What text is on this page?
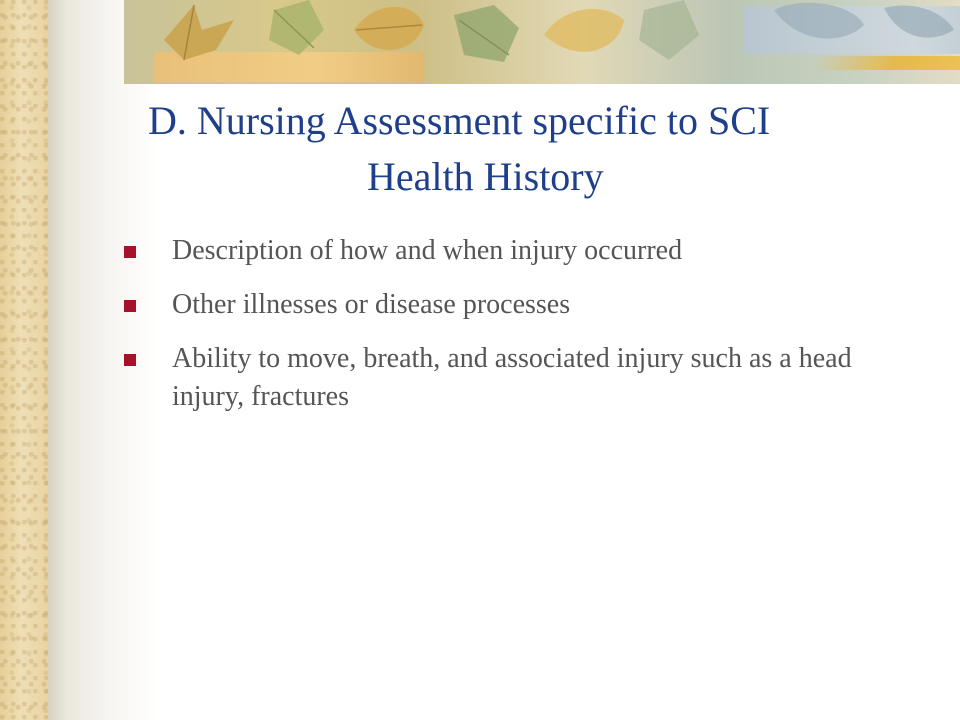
D. Nursing Assessment specific to SCI
Health History
Description of how and when injury occurred
Other illnesses or disease processes
Ability to move, breath, and associated injury such as a head injury, fractures
